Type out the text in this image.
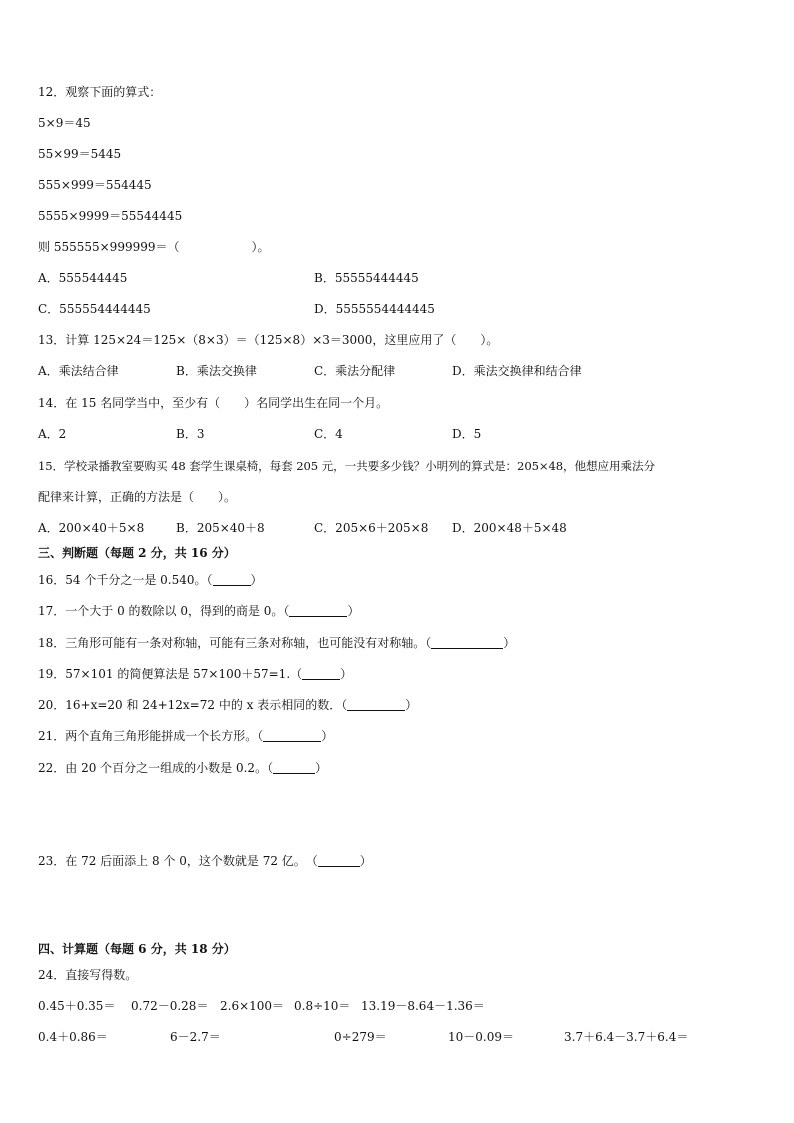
12．观察下面的算式：
5×9＝45
55×99＝5445
555×999＝554445
5555×9999＝55544445
则 555555×999999＝（	）。
A．555544445	B．55555444445
C．555554444445	D．5555554444445
13．计算 125×24＝125×（8×3）＝（125×8）×3＝3000，这里应用了（　　）。
A．乘法结合律	B．乘法交换律	C．乘法分配律	D．乘法交换律和结合律
14．在 15 名同学当中，至少有（　　）名同学出生在同一个月。
A．2	B．3	C．4	D．5
15．学校录播教室要购买 48 套学生课桌椅，每套 205 元，一共要多少钱？小明列的算式是：205×48，他想应用乘法分
配律来计算，正确的方法是（　　）。
A．200×40＋5×8	B．205×40＋8	C．205×6＋205×8 D．200×48＋5×48
三、判断题（每题 2 分，共 16 分）
16．54 个千分之一是 0.540。（	）
17．一个大于 0 的数除以 0，得到的商是 0。（	）
18．三角形可能有一条对称轴，可能有三条对称轴，也可能没有对称轴。（	）
19．57×101 的简便算法是 57×100＋57=1.（	）
20．16+x=20 和 24+12x=72 中的 x 表示相同的数．（	）
21．两个直角三角形能拼成一个长方形。（	）
22．由 20 个百分之一组成的小数是 0.2。（	）
23．在 72 后面添上 8 个 0，这个数就是 72 亿。　（	）
四、计算题（每题 6 分，共 18 分）
24．直接写得数。
0.45＋0.35＝ 0.72－0.28＝ 2.6×100＝ 0.8÷10＝ 13.19－8.64－1.36＝
0.4＋0.86＝	6－2.7＝	0÷279＝	10－0.09＝	3.7＋6.4－3.7＋6.4＝
